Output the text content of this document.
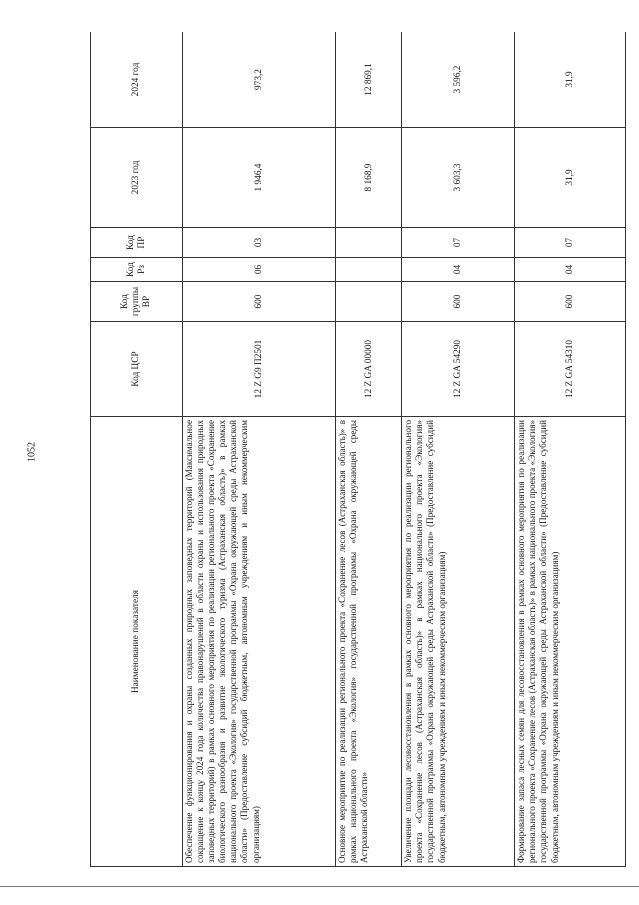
1052
Наименование показателя	Код ЦСР	Код группы ВР	Код Рз	Код ПР	2023 год	2024 год
Обеспечение функционирования и охраны созданных природных заповедных территорий (Максимальное сокращение к концу 2024 года количества правонарушений в области охраны и использования природных заповедных территорий) в рамках основного мероприятия по реализации регионального проекта «Сохранение биологического разнообразия и развитие экологического туризма (Астраханская область)» в рамках национального проекта «Экология» государственной программы «Охрана окружающей среды Астраханской области» (Предоставление субсидий бюджетным, автономным учреждениям и иным некоммерческим организациям)	12 Z G9 П2501	600	06	03	1 946,4	973,2
Основное мероприятие по реализации регионального проекта «Сохранение лесов (Астраханская область)» в рамках национального проекта «Экология» государственной программы «Охрана окружающей среды Астраханской области»	12 Z GA 00000				8 168,9	12 869,1
Увеличение площади лесовосстановления в рамках основного мероприятия по реализации регионального проекта «Сохранение лесов (Астраханская область)» в рамках национального проекта «Экология» государственной программы «Охрана окружающей среды Астраханской области» (Предоставление субсидий бюджетным, автономным учреждениям и иным некоммерческим организациям)	12 Z GA 54290	600	04	07	3 603,3	3 596,2
Формирование запаса лесных семян для лесовосстановления в рамках основного мероприятия по реализации регионального проекта «Сохранение лесов (Астраханская область)» в рамках национального проекта «Экология» государственной программы «Охрана окружающей среды Астраханской области» (Предоставление субсидий бюджетным, автономным учреждениям и иным некоммерческим организациям)	12 Z GA 54310	600	04	07	31,9	31,9
